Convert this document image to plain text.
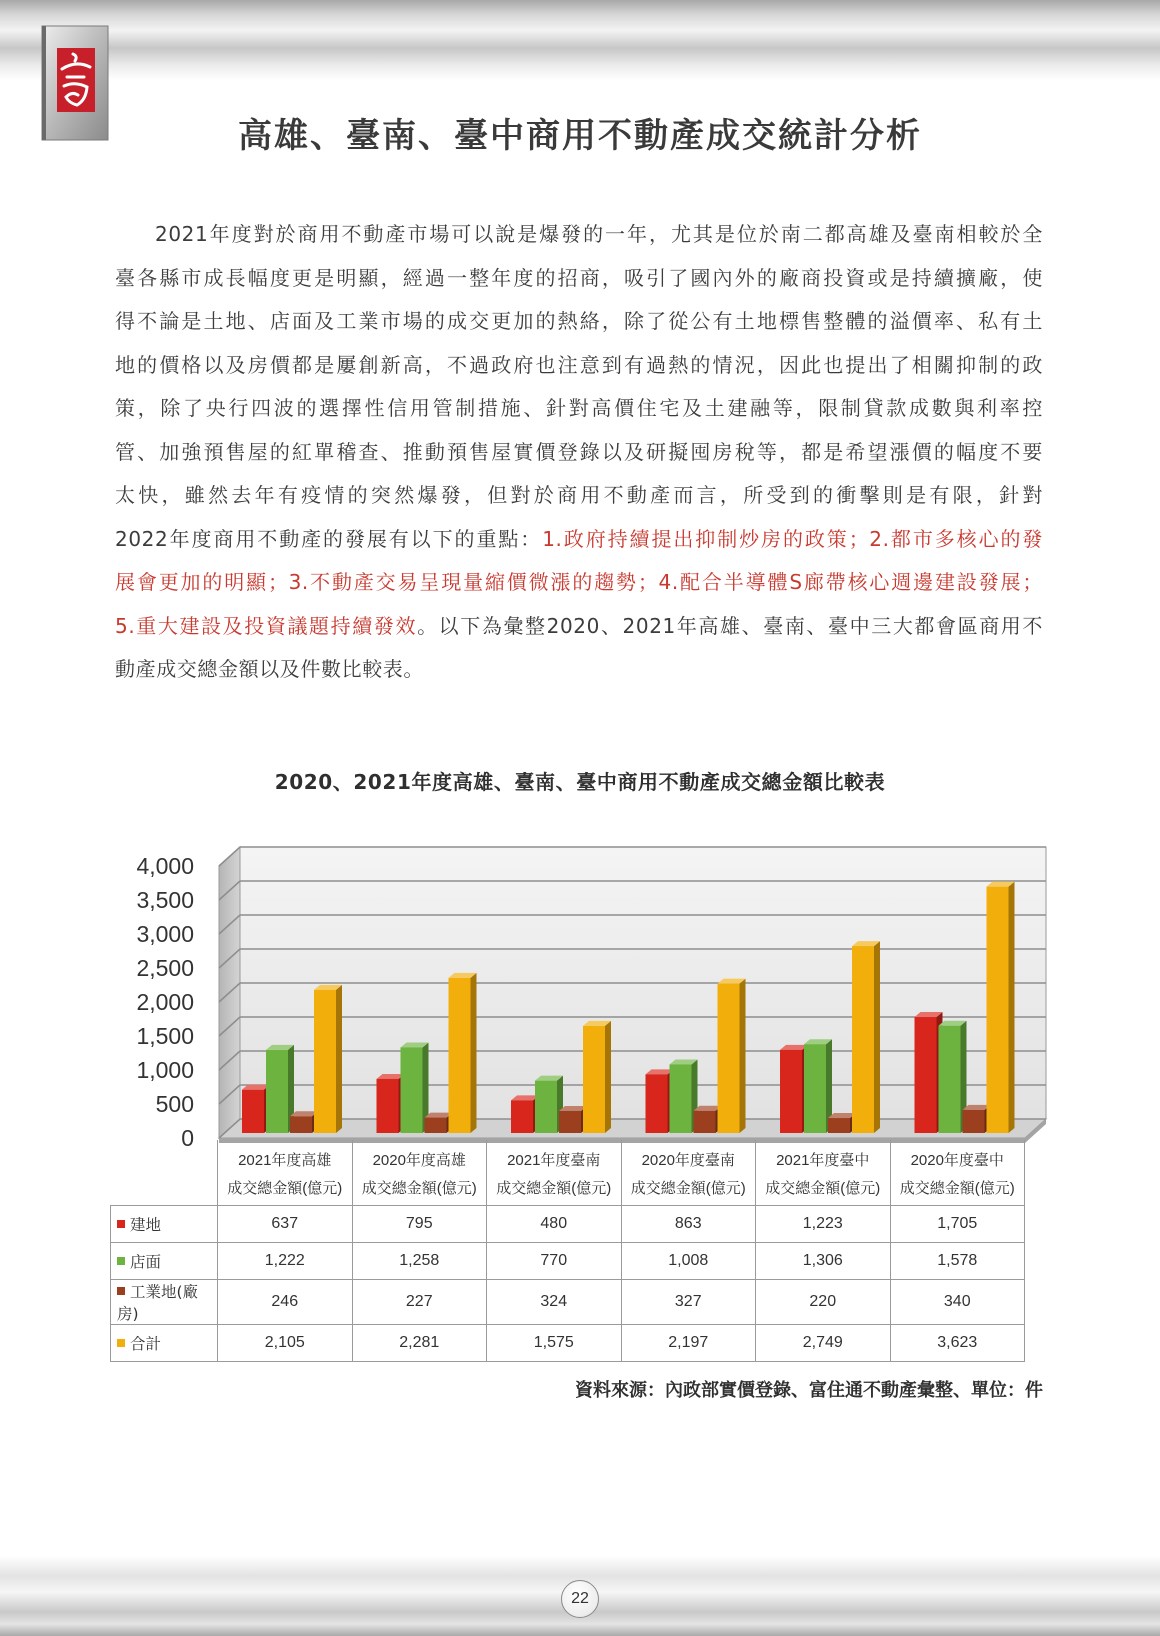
高雄、臺南、臺中商用不動產成交統計分析
2021年度對於商用不動產市場可以說是爆發的一年，尤其是位於南二都高雄及臺南相較於全
臺各縣市成長幅度更是明顯，經過一整年度的招商，吸引了國內外的廠商投資或是持續擴廠，使
得不論是土地、店面及工業市場的成交更加的熱絡，除了從公有土地標售整體的溢價率、私有土
地的價格以及房價都是屢創新高，不過政府也注意到有過熱的情況，因此也提出了相關抑制的政
策，除了央行四波的選擇性信用管制措施、針對高價住宅及土建融等，限制貸款成數與利率控
管、加強預售屋的紅單稽查、推動預售屋實價登錄以及研擬囤房稅等，都是希望漲價的幅度不要
太快，雖然去年有疫情的突然爆發，但對於商用不動產而言，所受到的衝擊則是有限，針對
2022年度商用不動產的發展有以下的重點：1.政府持續提出抑制炒房的政策；2.都市多核心的發
展會更加的明顯；3.不動產交易呈現量縮價微漲的趨勢；4.配合半導體S廊帶核心週邊建設發展；
5.重大建設及投資議題持續發效。以下為彙整2020、2021年高雄、臺南、臺中三大都會區商用不
動產成交總金額以及件數比較表。
2020、2021年度高雄、臺南、臺中商用不動產成交總金額比較表
0
500
1,000
1,500
2,000
2,500
3,000
3,500
4,000
	2021年度高雄
成交總金額(億元)	2020年度高雄
成交總金額(億元)	2021年度臺南
成交總金額(億元)	2020年度臺南
成交總金額(億元)	2021年度臺中
成交總金額(億元)	2020年度臺中
成交總金額(億元)
建地	637	795	480	863	1,223	1,705
店面	1,222	1,258	770	1,008	1,306	1,578
工業地(廠房)	246	227	324	327	220	340
合計	2,105	2,281	1,575	2,197	2,749	3,623
資料來源：內政部實價登錄、富住通不動產彙整、單位：件
22
